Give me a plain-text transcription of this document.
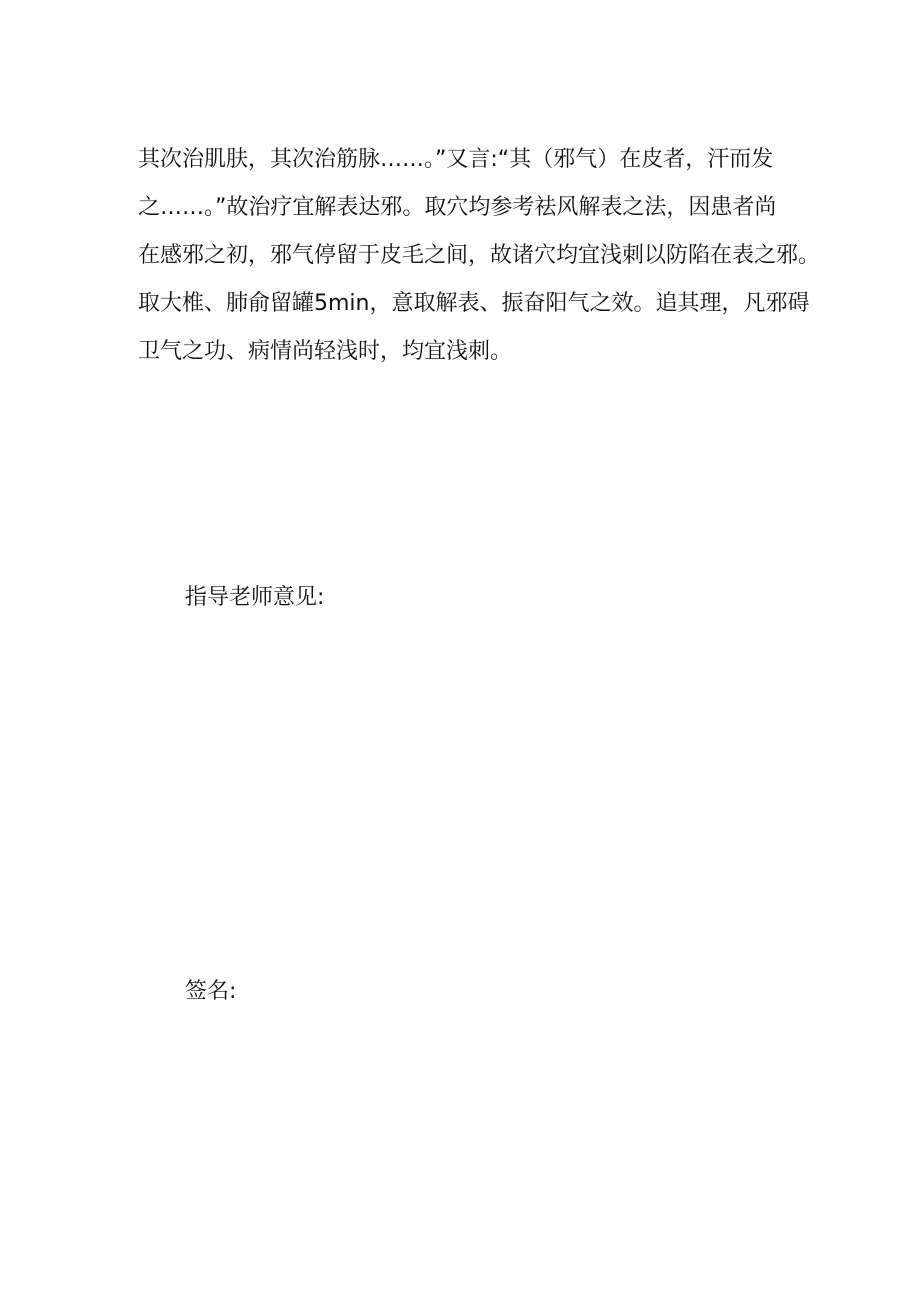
其次治肌肤，其次治筋脉……。”又言:“其（邪气）在皮者，汗而发
之……。”故治疗宜解表达邪。取穴均参考祛风解表之法，因患者尚
在感邪之初，邪气停留于皮毛之间，故诸穴均宜浅刺以防陷在表之邪。
取大椎、肺俞留罐5min，意取解表、振奋阳气之效。追其理，凡邪碍
卫气之功、病情尚轻浅时，均宜浅刺。
指导老师意见:
签名:
